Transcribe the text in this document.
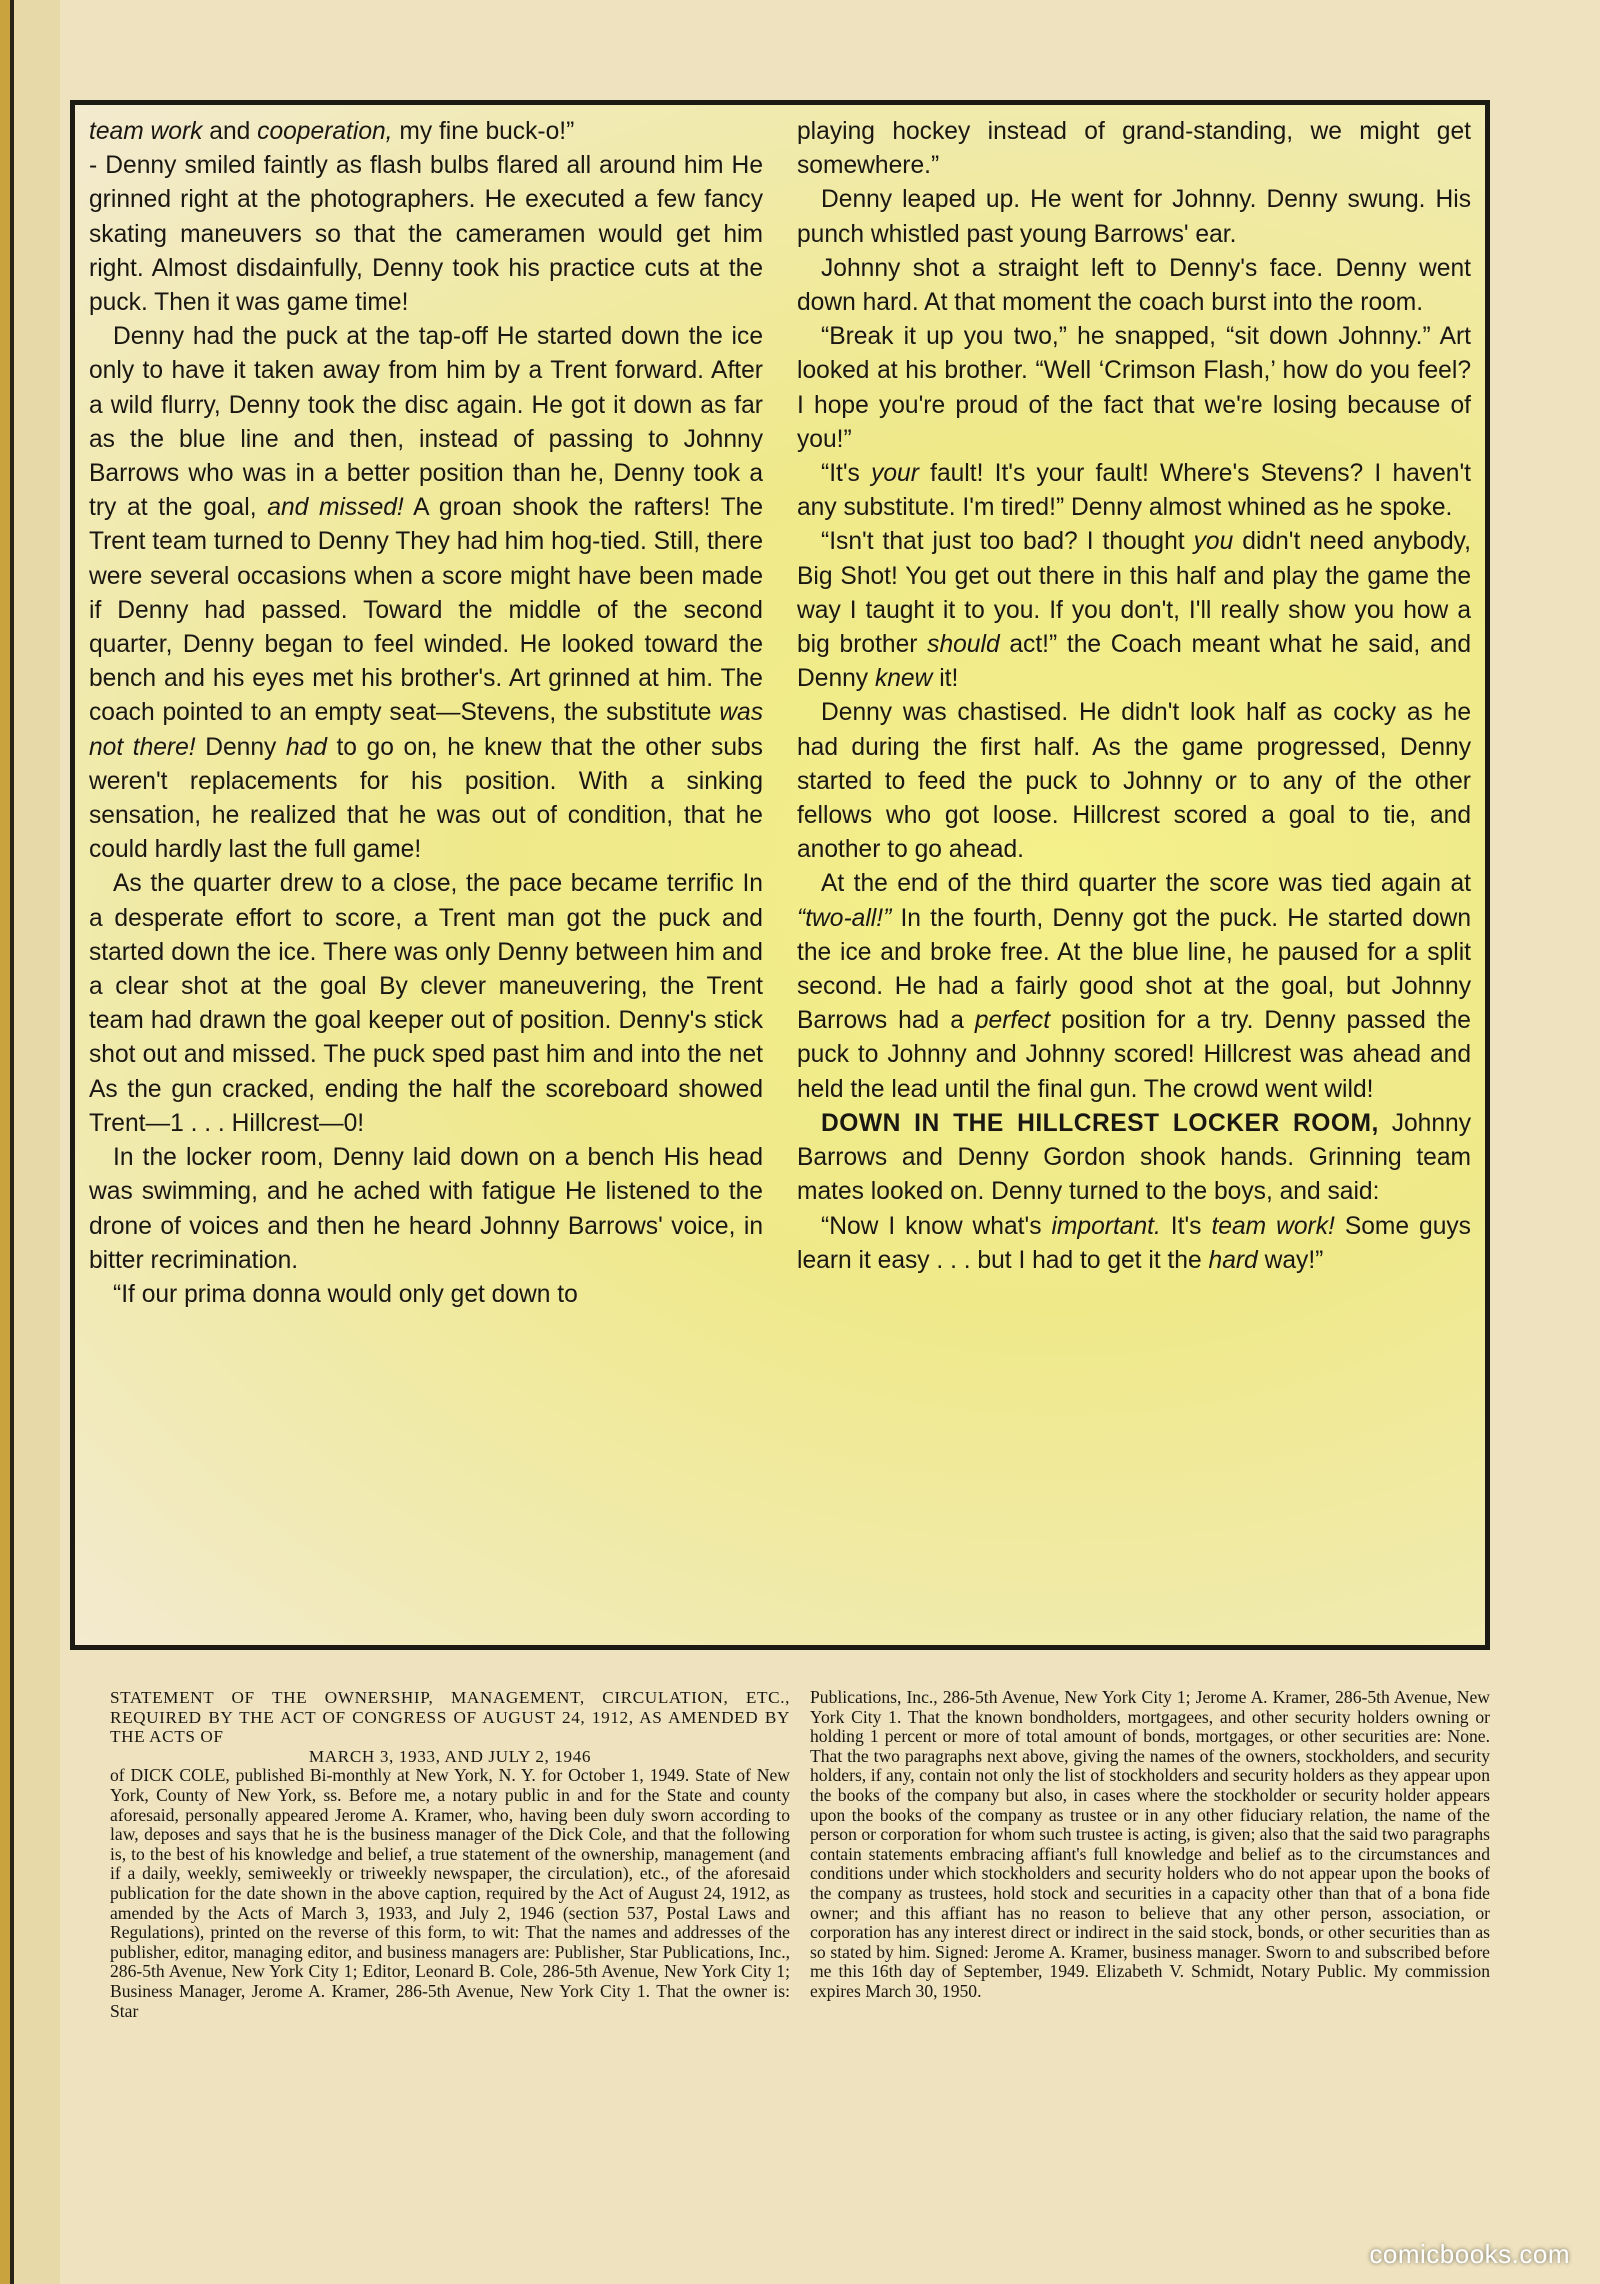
team work and cooperation, my fine buck-o!”

- Denny smiled faintly as flash bulbs flared all around him He grinned right at the photographers. He executed a few fancy skating maneuvers so that the cameramen would get him right. Almost disdainfully, Denny took his practice cuts at the puck. Then it was game time!

Denny had the puck at the tap-off He started down the ice only to have it taken away from him by a Trent forward. After a wild flurry, Denny took the disc again. He got it down as far as the blue line and then, instead of passing to Johnny Barrows who was in a better position than he, Denny took a try at the goal, and missed! A groan shook the rafters! The Trent team turned to Denny They had him hog-tied. Still, there were several occasions when a score might have been made if Denny had passed. Toward the middle of the second quarter, Denny began to feel winded. He looked toward the bench and his eyes met his brother's. Art grinned at him. The coach pointed to an empty seat—Stevens, the substitute was not there! Denny had to go on, he knew that the other subs weren't replacements for his position. With a sinking sensation, he realized that he was out of condition, that he could hardly last the full game!

As the quarter drew to a close, the pace became terrific In a desperate effort to score, a Trent man got the puck and started down the ice. There was only Denny between him and a clear shot at the goal By clever maneuvering, the Trent team had drawn the goal keeper out of position. Denny's stick shot out and missed. The puck sped past him and into the net As the gun cracked, ending the half the scoreboard showed Trent—1 . . . Hillcrest—0!

In the locker room, Denny laid down on a bench His head was swimming, and he ached with fatigue He listened to the drone of voices and then he heard Johnny Barrows' voice, in bitter recrimination.

“If our prima donna would only get down to

playing hockey instead of grand-standing, we might get somewhere.”

Denny leaped up. He went for Johnny. Denny swung. His punch whistled past young Barrows' ear.

Johnny shot a straight left to Denny's face. Denny went down hard. At that moment the coach burst into the room.

“Break it up you two,” he snapped, “sit down Johnny.” Art looked at his brother. “Well ‘Crimson Flash,’ how do you feel? I hope you're proud of the fact that we're losing because of you!”

“It's your fault! It's your fault! Where's Stevens? I haven't any substitute. I'm tired!” Denny almost whined as he spoke.

“Isn't that just too bad? I thought you didn't need anybody, Big Shot! You get out there in this half and play the game the way I taught it to you. If you don't, I'll really show you how a big brother should act!” the Coach meant what he said, and Denny knew it!

Denny was chastised. He didn't look half as cocky as he had during the first half. As the game progressed, Denny started to feed the puck to Johnny or to any of the other fellows who got loose. Hillcrest scored a goal to tie, and another to go ahead.

At the end of the third quarter the score was tied again at “two-all!” In the fourth, Denny got the puck. He started down the ice and broke free. At the blue line, he paused for a split second. He had a fairly good shot at the goal, but Johnny Barrows had a perfect position for a try. Denny passed the puck to Johnny and Johnny scored! Hillcrest was ahead and held the lead until the final gun. The crowd went wild!

DOWN IN THE HILLCREST LOCKER ROOM, Johnny Barrows and Denny Gordon shook hands. Grinning team mates looked on. Denny turned to the boys, and said:

“Now I know what's important. It's team work! Some guys learn it easy . . . but I had to get it the hard way!”

STATEMENT OF THE OWNERSHIP, MANAGEMENT, CIRCULATION, ETC., REQUIRED BY THE ACT OF CONGRESS OF AUGUST 24, 1912, AS AMENDED BY THE ACTS OF
MARCH 3, 1933, AND JULY 2, 1946
of DICK COLE, published Bi-monthly at New York, N. Y. for October 1, 1949. State of New York, County of New York, ss. Before me, a notary public in and for the State and county aforesaid, personally appeared Jerome A. Kramer, who, having been duly sworn according to law, deposes and says that he is the business manager of the Dick Cole, and that the following is, to the best of his knowledge and belief, a true statement of the ownership, management (and if a daily, weekly, semiweekly or triweekly newspaper, the circulation), etc., of the aforesaid publication for the date shown in the above caption, required by the Act of August 24, 1912, as amended by the Acts of March 3, 1933, and July 2, 1946 (section 537, Postal Laws and Regulations), printed on the reverse of this form, to wit: That the names and addresses of the publisher, editor, managing editor, and business managers are: Publisher, Star Publications, Inc., 286-5th Avenue, New York City 1; Editor, Leonard B. Cole, 286-5th Avenue, New York City 1; Business Manager, Jerome A. Kramer, 286-5th Avenue, New York City 1. That the owner is: Star
Publications, Inc., 286-5th Avenue, New York City 1; Jerome A. Kramer, 286-5th Avenue, New York City 1. That the known bondholders, mortgagees, and other security holders owning or holding 1 percent or more of total amount of bonds, mortgages, or other securities are: None. That the two paragraphs next above, giving the names of the owners, stockholders, and security holders, if any, contain not only the list of stockholders and security holders as they appear upon the books of the company but also, in cases where the stockholder or security holder appears upon the books of the company as trustee or in any other fiduciary relation, the name of the person or corporation for whom such trustee is acting, is given; also that the said two paragraphs contain statements embracing affiant's full knowledge and belief as to the circumstances and conditions under which stockholders and security holders who do not appear upon the books of the company as trustees, hold stock and securities in a capacity other than that of a bona fide owner; and this affiant has no reason to believe that any other person, association, or corporation has any interest direct or indirect in the said stock, bonds, or other securities than as so stated by him. Signed: Jerome A. Kramer, business manager. Sworn to and subscribed before me this 16th day of September, 1949. Elizabeth V. Schmidt, Notary Public. My commission expires March 30, 1950.
comicbooks.com
